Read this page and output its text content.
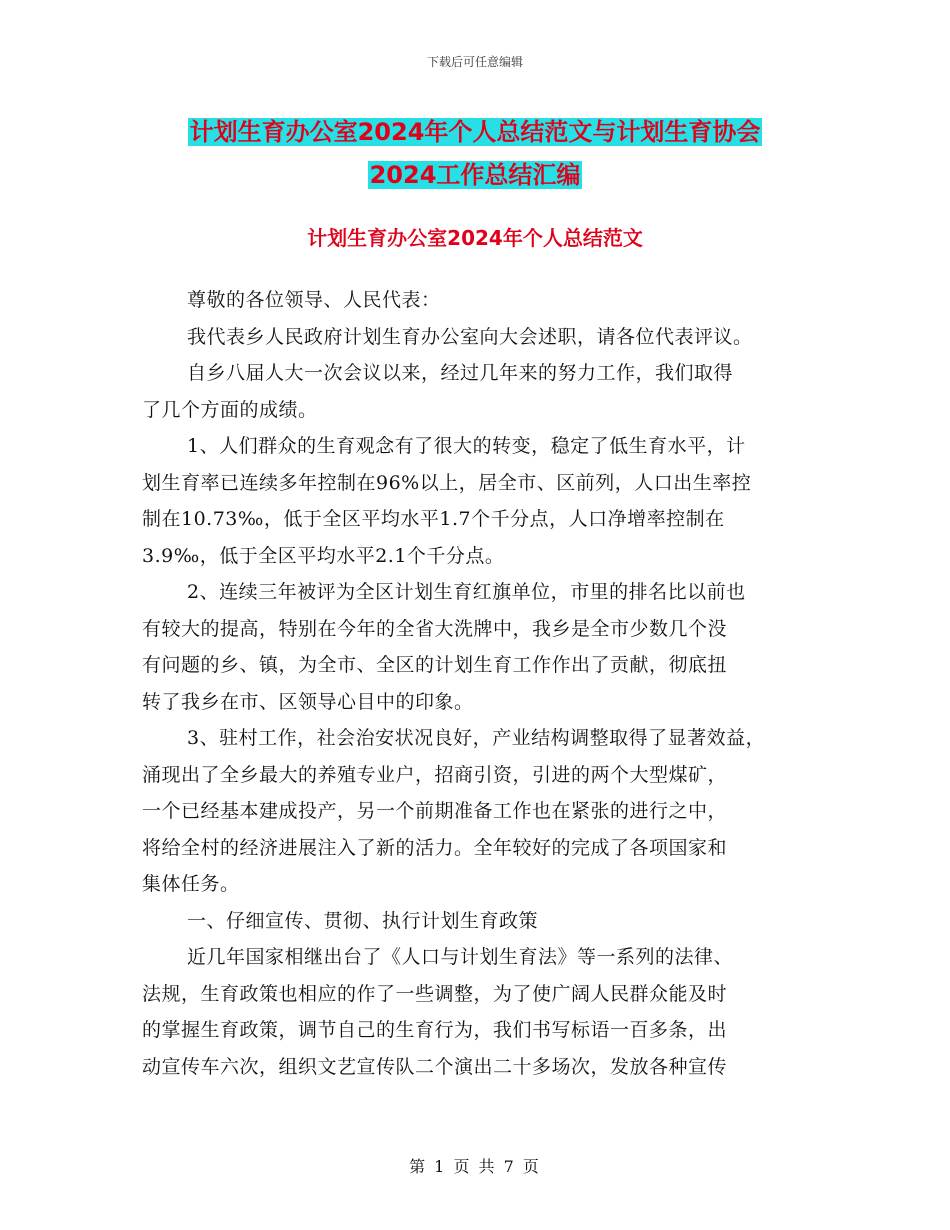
下载后可任意编辑
计划生育办公室2024年个人总结范文与计划生育协会
2024工作总结汇编
计划生育办公室2024年个人总结范文
尊敬的各位领导、人民代表：
我代表乡人民政府计划生育办公室向大会述职，请各位代表评议。
自乡八届人大一次会议以来，经过几年来的努力工作，我们取得
了几个方面的成绩。
1、人们群众的生育观念有了很大的转变，稳定了低生育水平，计
划生育率已连续多年控制在96%以上，居全市、区前列，人口出生率控
制在10.73‰，低于全区平均水平1.7个千分点，人口净增率控制在
3.9‰，低于全区平均水平2.1个千分点。
2、连续三年被评为全区计划生育红旗单位，市里的排名比以前也
有较大的提高，特别在今年的全省大洗牌中，我乡是全市少数几个没
有问题的乡、镇，为全市、全区的计划生育工作作出了贡献，彻底扭
转了我乡在市、区领导心目中的印象。
3、驻村工作，社会治安状况良好，产业结构调整取得了显著效益，
涌现出了全乡最大的养殖专业户，招商引资，引进的两个大型煤矿，
一个已经基本建成投产，另一个前期准备工作也在紧张的进行之中，
将给全村的经济进展注入了新的活力。全年较好的完成了各项国家和
集体任务。
一、仔细宣传、贯彻、执行计划生育政策
近几年国家相继出台了《人口与计划生育法》等一系列的法律、
法规，生育政策也相应的作了一些调整，为了使广阔人民群众能及时
的掌握生育政策，调节自己的生育行为，我们书写标语一百多条，出
动宣传车六次，组织文艺宣传队二个演出二十多场次，发放各种宣传
第 1 页 共 7 页
